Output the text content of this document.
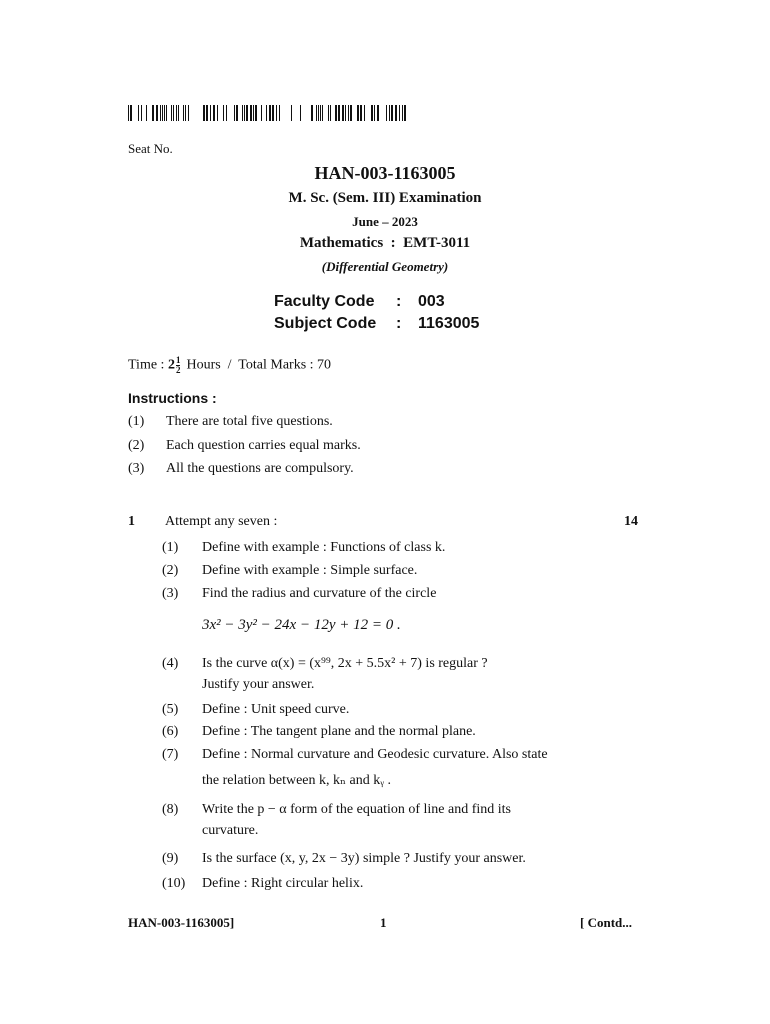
Seat No.
HAN-003-1163005
M. Sc. (Sem. III) Examination
June – 2023
Mathematics  :  EMT-3011
(Differential Geometry)
Faculty Code : 003
Subject Code : 1163005
Time : $2 \frac{1}{2}$ Hours  /  Total Marks : 70
Instructions :
(1) There are total five questions.
(2) Each question carries equal marks.
(3) All the questions are compulsory.
1 Attempt any seven :	14
(1) Define with example : Functions of class k.
(2) Define with example : Simple surface.
(3) Find the radius and curvature of the circle
3x² − 3y² − 24x − 12y + 12 = 0 .
(4) Is the curve α(x) = (x⁹⁹, 2x + 5.5x² + 7) is regular ?
Justify your answer.
(5) Define : Unit speed curve.
(6) Define : The tangent plane and the normal plane.
(7) Define : Normal curvature and Geodesic curvature. Also state
the relation between k, kₙ and kᵧ .
(8) Write the p − α form of the equation of line and find its
curvature.
(9) Is the surface (x, y, 2x − 3y) simple ? Justify your answer.
(10) Define : Right circular helix.
HAN-003-1163005]	1	[ Contd...
